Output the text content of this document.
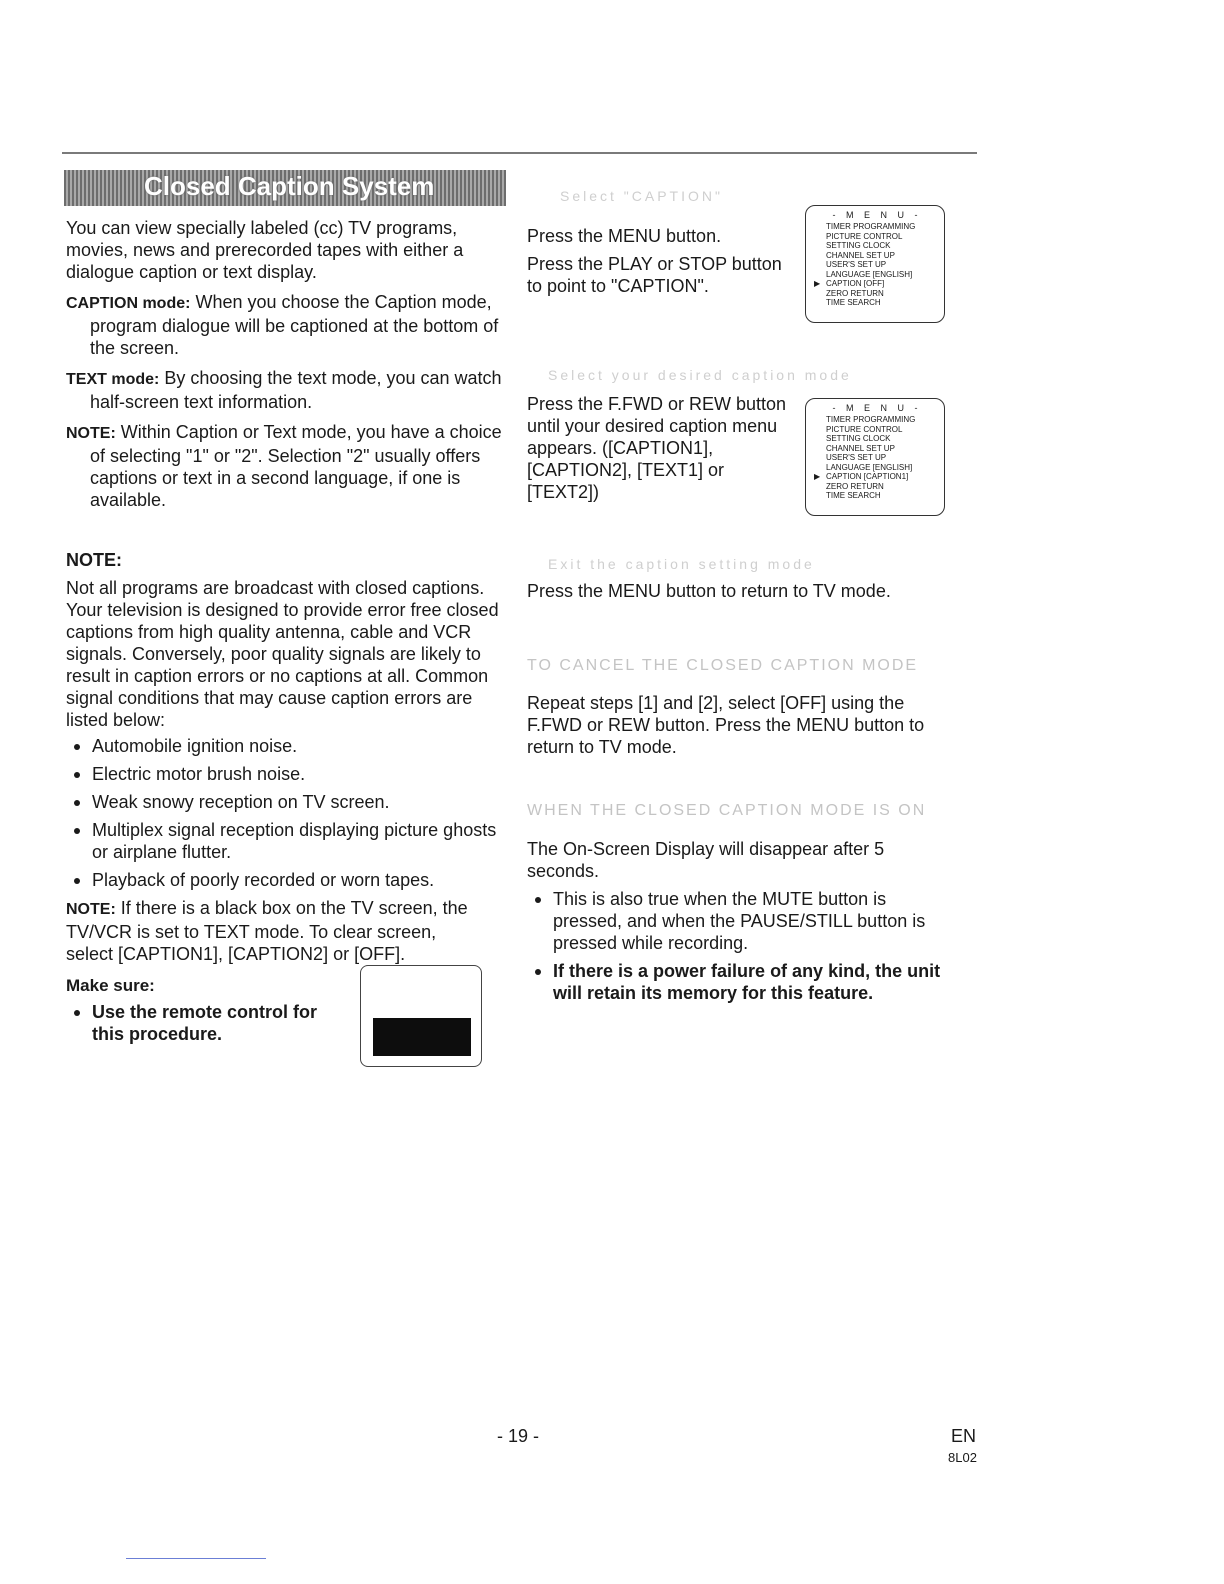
Closed Caption System

You can view specially labeled (cc) TV programs, movies, news and prerecorded tapes with either a dialogue caption or text display.

CAPTION mode: When you choose the Caption mode, program dialogue will be captioned at the bottom of the screen.

TEXT mode: By choosing the text mode, you can watch half-screen text information.

NOTE: Within Caption or Text mode, you have a choice of selecting "1" or "2". Selection "2" usually offers captions or text in a second language, if one is available.

NOTE:

Not all programs are broadcast with closed captions. Your television is designed to provide error free closed captions from high quality antenna, cable and VCR signals. Conversely, poor quality signals are likely to result in caption errors or no captions at all. Common signal conditions that may cause caption errors are listed below:

Automobile ignition noise.
Electric motor brush noise.
Weak snowy reception on TV screen.
Multiplex signal reception displaying picture ghosts or airplane flutter.
Playback of poorly recorded or worn tapes.

NOTE: If there is a black box on the TV screen, the TV/VCR is set to TEXT mode. To clear screen, select [CAPTION1], [CAPTION2] or [OFF].

Make sure:

Use the remote control for this procedure.

Select "CAPTION"

Press the MENU button.

Press the PLAY or STOP button to point to "CAPTION".

- M E N U -

TIMER PROGRAMMING
PICTURE CONTROL
SETTING CLOCK
CHANNEL SET UP
USER'S SET UP
LANGUAGE [ENGLISH]
▶ CAPTION [OFF]
ZERO RETURN
TIME SEARCH

Select your desired caption mode

Press the F.FWD or REW button until your desired caption menu appears. ([CAPTION1], [CAPTION2], [TEXT1] or [TEXT2])

- M E N U -

TIMER PROGRAMMING
PICTURE CONTROL
SETTING CLOCK
CHANNEL SET UP
USER'S SET UP
LANGUAGE [ENGLISH]
▶ CAPTION [CAPTION1]
ZERO RETURN
TIME SEARCH

Exit the caption setting mode

Press the MENU button to return to TV mode.

TO CANCEL THE CLOSED CAPTION MODE

Repeat steps [1] and [2], select [OFF] using the F.FWD or REW button. Press the MENU button to return to TV mode.

WHEN THE CLOSED CAPTION MODE IS ON

The On-Screen Display will disappear after 5 seconds.

This is also true when the MUTE button is pressed, and when the PAUSE/STILL button is pressed while recording.
If there is a power failure of any kind, the unit will retain its memory for this feature.

- 19 -	EN

8L02
